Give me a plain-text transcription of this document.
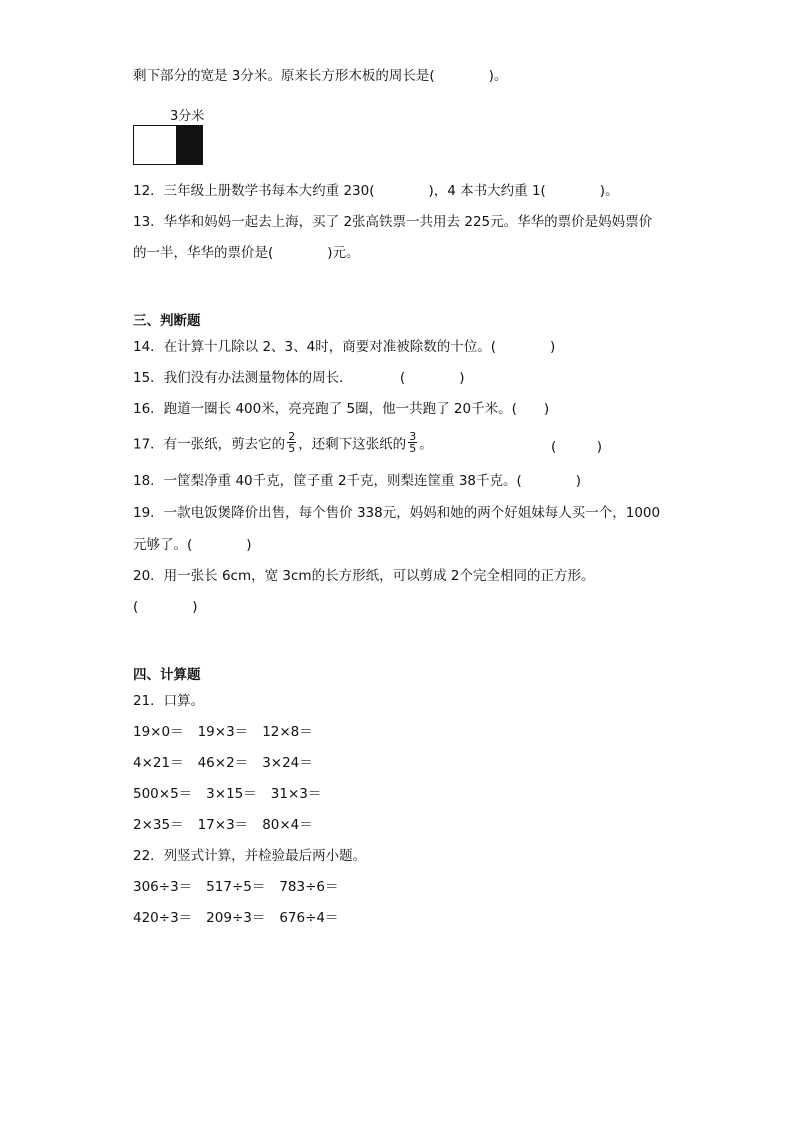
剩下部分的宽是 3分米。原来长方形木板的周长是(　　　　)。
3分米
12．三年级上册数学书每本大约重 230(　　　　)，4 本书大约重 1(　　　　)。
13．华华和妈妈一起去上海，买了 2张高铁票一共用去 225元。华华的票价是妈妈票价
的一半，华华的票价是(　　　　)元。
三、判断题
14．在计算十几除以 2、3、4时，商要对准被除数的十位。(　　　　)
15．我们没有办法测量物体的周长．　　　　(　　　　)
16．跑道一圈长 400米，亮亮跑了 5圈，他一共跑了 20千米。(　　)
17．有一张纸，剪去它的 $\frac{2}{5}$ ，还剩下这张纸的 $\frac{3}{5}$ 。	(　　　)
18．一筐梨净重 40千克，筐子重 2千克，则梨连筐重 38千克。(　　　　)
19．一款电饭煲降价出售，每个售价 338元，妈妈和她的两个好姐妹每人买一个，1000
元够了。(　　　　)
20．用一张长 6cm，宽 3cm的长方形纸，可以剪成 2个完全相同的正方形。
(　　　　)
四、计算题
21．口算。
19×0＝ 19×3＝ 12×8＝
4×21＝ 46×2＝ 3×24＝
500×5＝ 3×15＝ 31×3＝
2×35＝ 17×3＝ 80×4＝
22．列竖式计算，并检验最后两小题。
306÷3＝ 517÷5＝ 783÷6＝
420÷3＝ 209÷3＝ 676÷4＝
